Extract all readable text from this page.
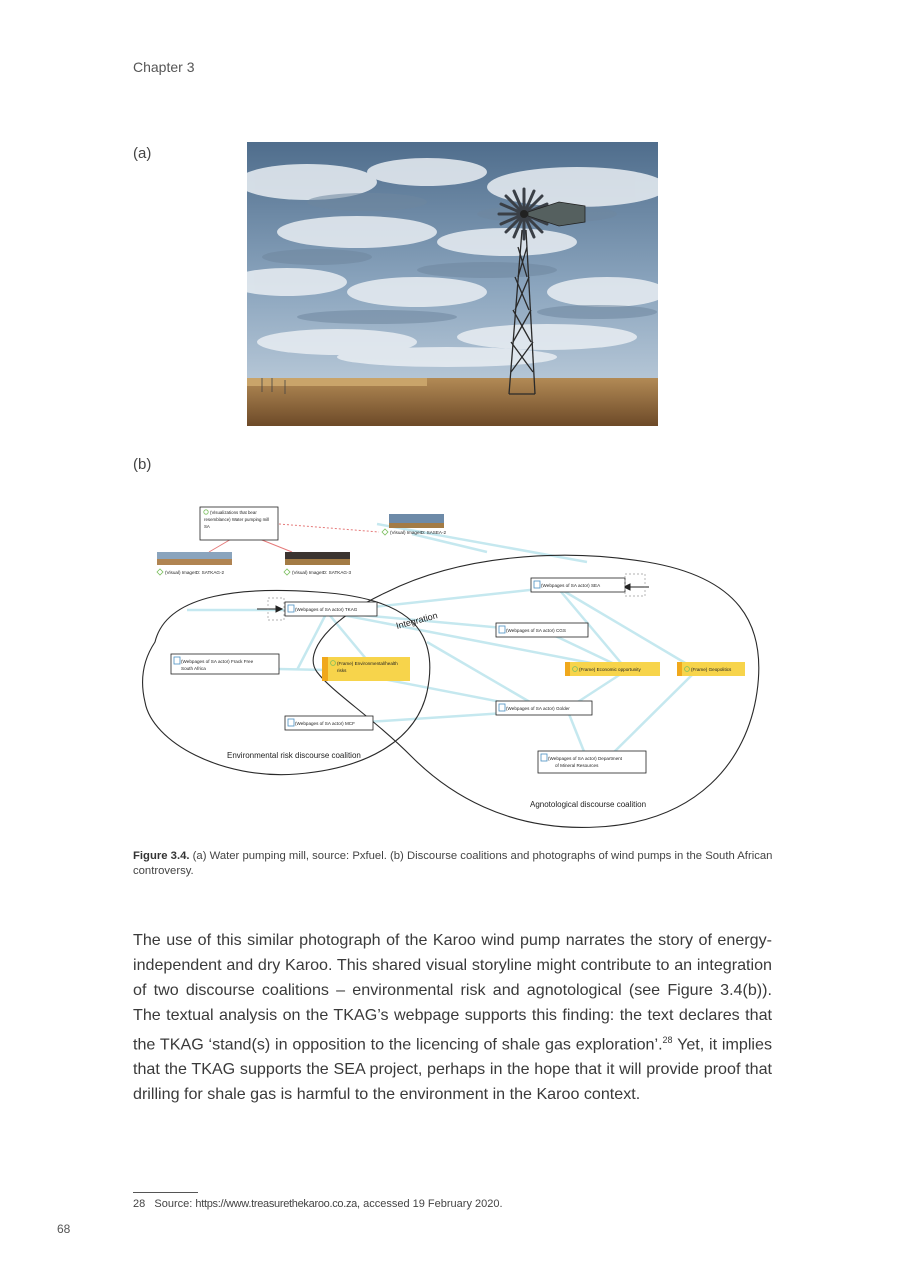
Chapter 3
(a)
(b)
Integration
(Visualizations that bear resemblance) Water pumping mill SA
(Visual) ImageID: SASEA-2
(Visual) ImageID: SATKAG-2	(Visual) ImageID: SATKAG-3
(Webpages of SA actor) SEA
(Webpages of SA actor) TKAG
(Webpages of SA actor) CGS
(Webpages of SA actor) Frack Free South Africa
(Frame) Environmental/health risks	(Frame) Economic opportunity	(Frame) Geopolitics
(Webpages of SA actor) Golder
(Webpages of SA actor) MCF
(Webpages of SA actor) Department of Mineral Resources
Environmental risk discourse coalition
Agnotological discourse coalition
Figure 3.4. (a) Water pumping mill, source: Pxfuel. (b) Discourse coalitions and photographs of wind pumps in the South African controversy.

The use of this similar photograph of the Karoo wind pump narrates the story of energy-independent and dry Karoo. This shared visual storyline might contribute to an integration of two discourse coalitions – environmental risk and agnotological (see Figure 3.4(b)). The textual analysis on the TKAG’s webpage supports this finding: the text declares that the TKAG ‘stand(s) in opposition to the licencing of shale gas exploration’.$^{28}$ Yet, it implies that the TKAG supports the SEA project, perhaps in the hope that it will provide proof that drilling for shale gas is harmful to the environment in the Karoo context.

28 Source: https://www.treasurethekaroo.co.za, accessed 19 February 2020.
68
